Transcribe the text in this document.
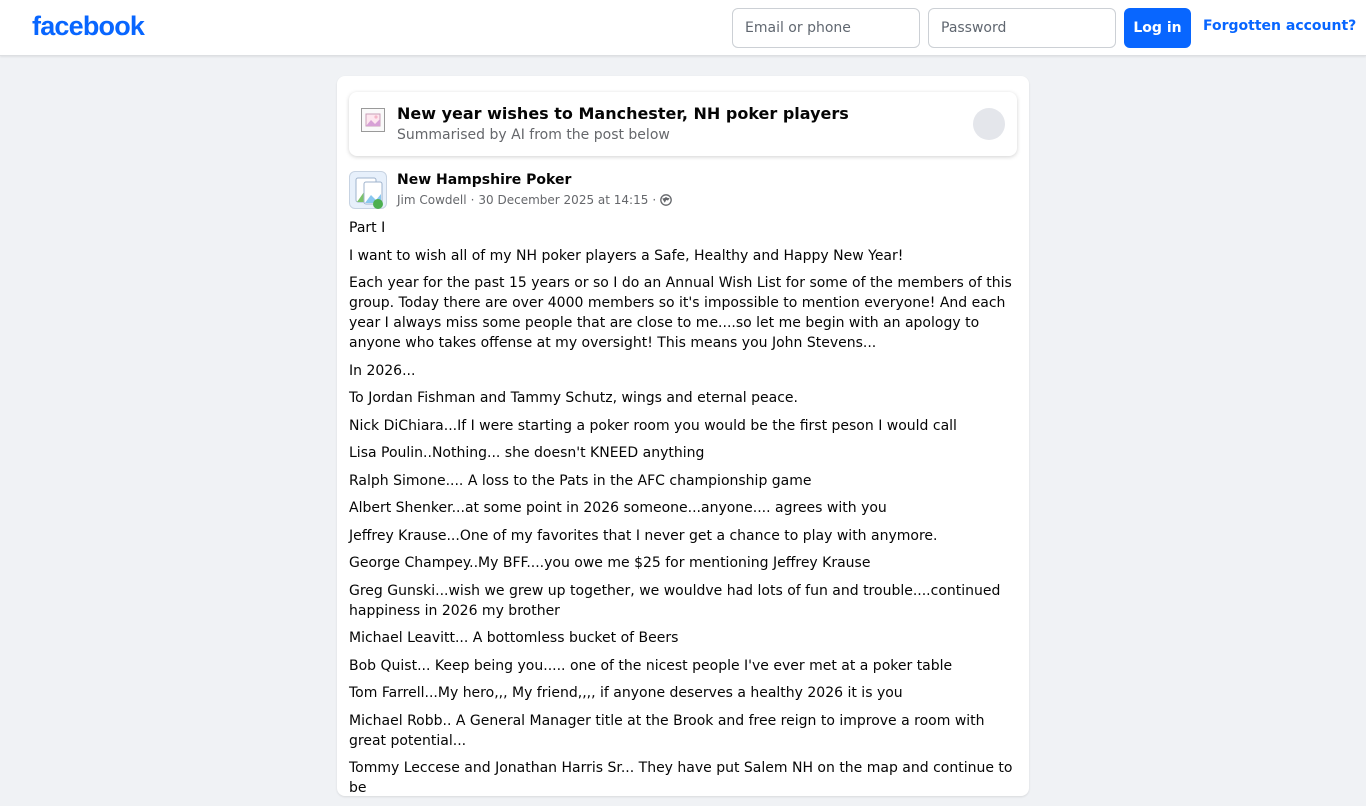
facebook
Email or phone	Log in	Forgotten account?
New year wishes to Manchester, NH poker players
Summarised by AI from the post below
New Hampshire Poker
Jim Cowdell · 30 December 2025 at 14:15 ·

Part I

I want to wish all of my NH poker players a Safe, Healthy and Happy New Year!

Each year for the past 15 years or so I do an Annual Wish List for some of the members of this group. Today there are over 4000 members so it's impossible to mention everyone! And each year I always miss some people that are close to me....so let me begin with an apology to anyone who takes offense at my oversight! This means you John Stevens...

In 2026...

To Jordan Fishman and Tammy Schutz, wings and eternal peace.

Nick DiChiara...If I were starting a poker room you would be the first peson I would call

Lisa Poulin..Nothing... she doesn't KNEED anything

Ralph Simone.... A loss to the Pats in the AFC championship game

Albert Shenker...at some point in 2026 someone...anyone.... agrees with you

Jeffrey Krause...One of my favorites that I never get a chance to play with anymore.

George Champey..My BFF....you owe me $25 for mentioning Jeffrey Krause

Greg Gunski...wish we grew up together, we wouldve had lots of fun and trouble....continued happiness in 2026 my brother

Michael Leavitt... A bottomless bucket of Beers

Bob Quist... Keep being you..... one of the nicest people I've ever met at a poker table

Tom Farrell...My hero,,, My friend,,,, if anyone deserves a healthy 2026 it is you

Michael Robb.. A General Manager title at the Brook and free reign to improve a room with great potential...

Tommy Leccese and Jonathan Harris Sr... They have put Salem NH on the map and continue to be
